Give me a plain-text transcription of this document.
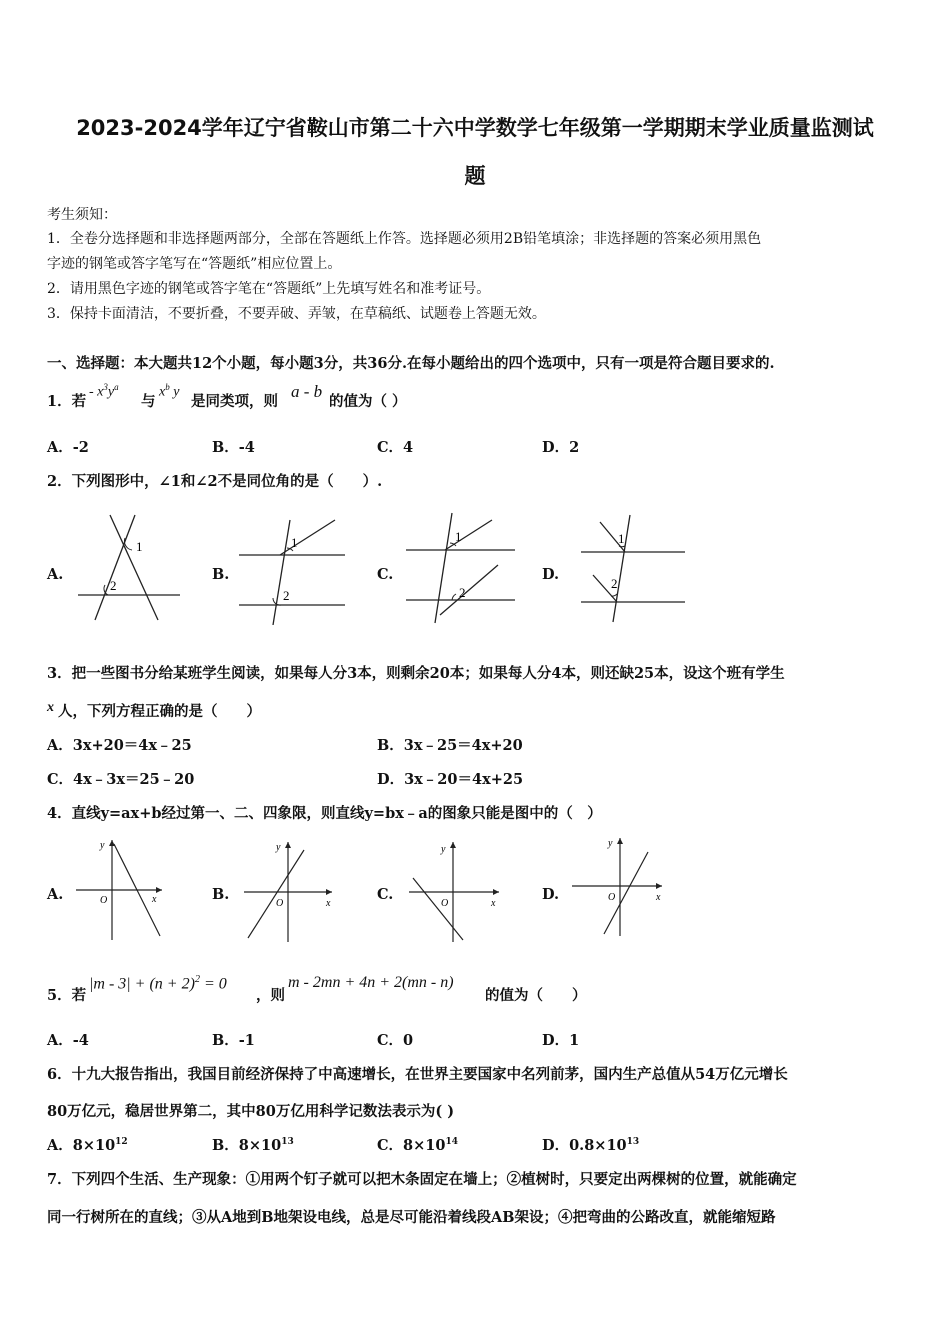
2023-2024学年辽宁省鞍山市第二十六中学数学七年级第一学期期末学业质量监测试
题
考生须知：
1．全卷分选择题和非选择题两部分，全部在答题纸上作答。选择题必须用2B铅笔填涂；非选择题的答案必须用黑色
字迹的钢笔或答字笔写在“答题纸”相应位置上。
2．请用黑色字迹的钢笔或答字笔在“答题纸”上先填写姓名和准考证号。
3．保持卡面清洁，不要折叠，不要弄破、弄皱，在草稿纸、试题卷上答题无效。
一、选择题：本大题共12个小题，每小题3分，共36分.在每小题给出的四个选项中，只有一项是符合题目要求的.
1．若
- $x^3y^a$
与
$x^b$ y
是同类项，则
a - b
的值为（ ）
A．-2	B．-4	C．4	D．2
2．下列图形中，∠1和∠2不是同位角的是（　　）.
A.
1
2
B.
1
2
C.
1
2
D.
1
2
3．把一些图书分给某班学生阅读，如果每人分3本，则剩余20本；如果每人分4本，则还缺25本，设这个班有学生
x 人，下列方程正确的是（　　）
A．3x+20＝4x﹣25	B．3x﹣25＝4x+20
C．4x﹣3x＝25﹣20	D．3x﹣20＝4x+25
4．直线y=ax+b经过第一、二、四象限，则直线y=bx﹣a的图象只能是图中的（　）
A.
y
x
O	B.
y
x
O
C.
y
x
O
D.
y
x
O
5．若
$|m - 3| + (n + 2)^2 = 0$
，则
m - 2mn + 4n + 2(mn - n)
的值为（　　）
A．-4	B．-1	C．0	D．1
6．十九大报告指出，我国目前经济保持了中高速增长，在世界主要国家中名列前茅，国内生产总值从54万亿元增长
80万亿元，稳居世界第二，其中80万亿用科学记数法表示为( )
A．$8\times 10^{12}$	B．$8\times 10^{13}$	C．$8\times 10^{14}$	D．$0.8\times 10^{13}$
7．下列四个生活、生产现象：①用两个钉子就可以把木条固定在墙上；②植树时，只要定出两棵树的位置，就能确定
同一行树所在的直线；③从A地到B地架设电线，总是尽可能沿着线段AB架设；④把弯曲的公路改直，就能缩短路
